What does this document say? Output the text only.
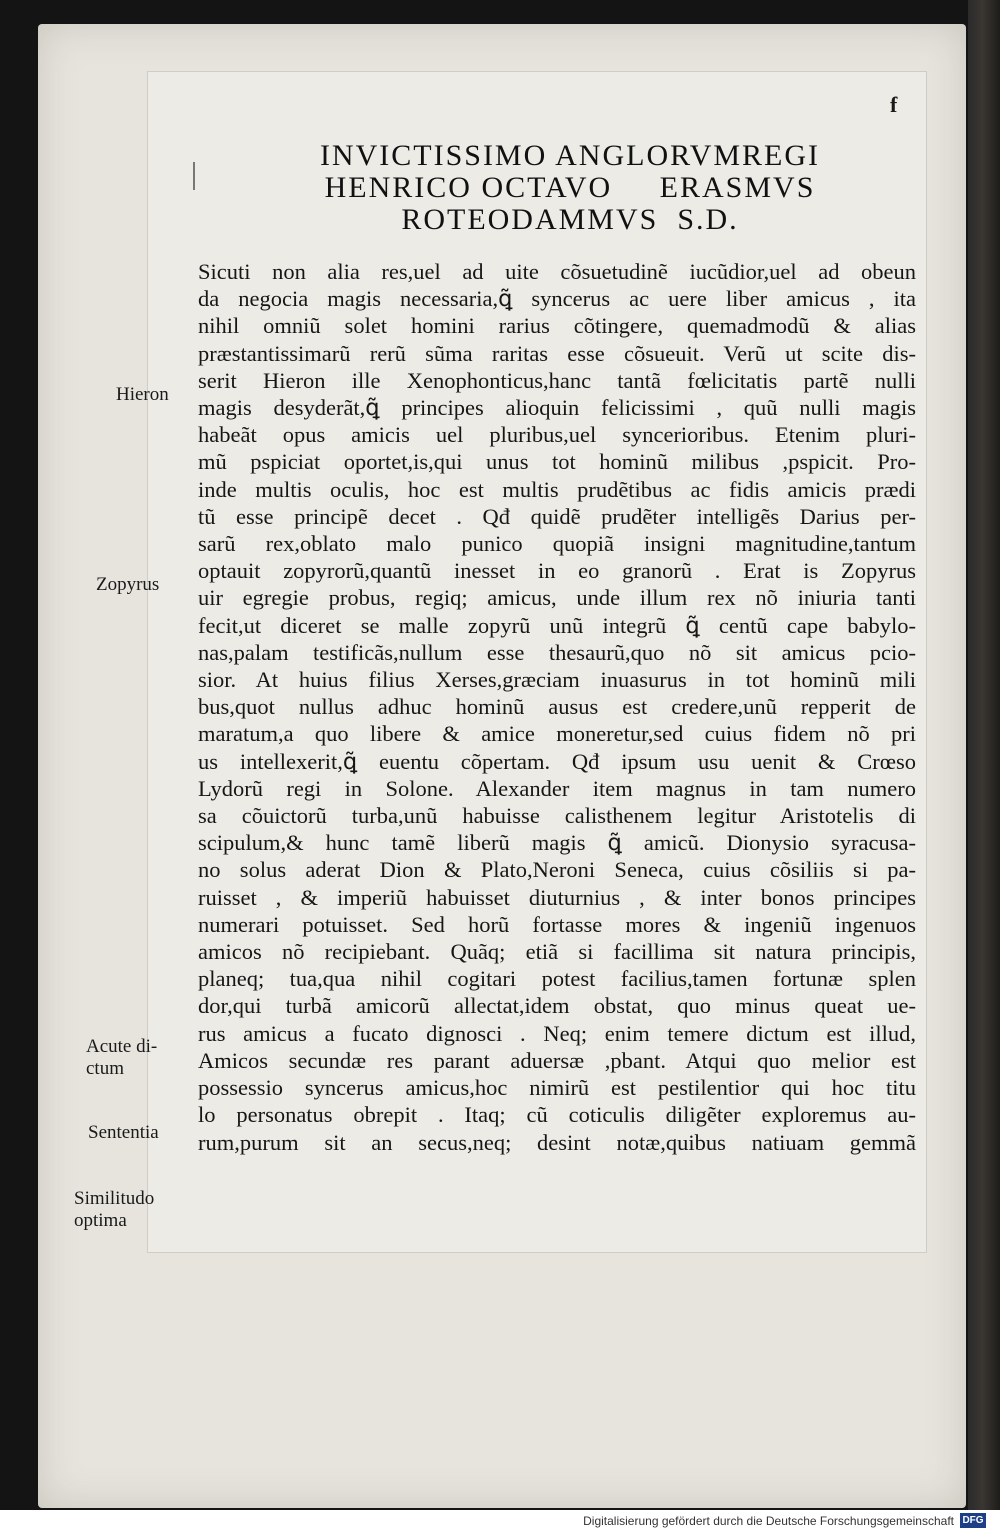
f
INVICTISSIMO ANGLORVMREGI
HENRICO OCTAVO     ERASMVS
ROTEODAMMVS  S.D.
Sicuti non alia res,uel ad uite cõsuetudinẽ iucũdior,uel ad obeun
da negocia magis necessaria,ꝗ̃ syncerus ac uere liber amicus , ita
nihil omniũ solet homini rarius cõtingere, quemadmodũ & alias
præstantissimarũ rerũ sũma raritas esse cõsueuit. Verũ ut scite dis-
serit Hieron ille Xenophonticus,hanc tantã fœlicitatis partẽ nulli
magis desyderãt,ꝗ̃ principes alioquin felicissimi , quũ nulli magis
habeãt opus amicis uel pluribus,uel syncerioribus. Etenim pluri-
mũ pspiciat oportet,is,qui unus tot hominũ milibus ,pspicit. Pro-
inde multis oculis, hoc est multis prudẽtibus ac fidis amicis prædi
tũ esse principẽ decet . Qđ quidẽ prudẽter intelligẽs Darius per-
sarũ rex,oblato malo punico quopiã insigni magnitudine,tantum
optauit zopyrorũ,quantũ inesset in eo granorũ . Erat is Zopyrus
uir egregie probus, regiq; amicus, unde illum rex nõ iniuria tanti
fecit,ut diceret se malle zopyrũ unũ integrũ ꝗ̃ centũ cape babylo-
nas,palam testificãs,nullum esse thesaurũ,quo nõ sit amicus pcio-
sior. At huius filius Xerses,græciam inuasurus in tot hominũ mili
bus,quot nullus adhuc hominũ ausus est credere,unũ repperit de
maratum,a quo libere & amice moneretur,sed cuius fidem nõ pri
us intellexerit,ꝗ̃ euentu cõpertam. Qđ ipsum usu uenit & Crœso
Lydorũ regi in Solone. Alexander item magnus in tam numero
sa cõuictorũ turba,unũ habuisse calisthenem legitur Aristotelis di
scipulum,& hunc tamẽ liberũ magis ꝗ̃ amicũ. Dionysio syracusa-
no solus aderat Dion & Plato,Neroni Seneca, cuius cõsiliis si pa-
ruisset , & imperiũ habuisset diuturnius , & inter bonos principes
numerari potuisset. Sed horũ fortasse mores & ingeniũ ingenuos
amicos nõ recipiebant. Quãq; etiã si facillima sit natura principis,
planeq; tua,qua nihil cogitari potest facilius,tamen fortunæ splen
dor,qui turbã amicorũ allectat,idem obstat, quo minus queat ue-
rus amicus a fucato dignosci . Neq; enim temere dictum est illud,
Amicos secundæ res parant aduersæ ,pbant. Atqui quo melior est
possessio syncerus amicus,hoc nimirũ est pestilentior qui hoc titu
lo personatus obrepit . Itaq; cũ coticulis diligẽter exploremus au-
rum,purum sit an secus,neq; desint notæ,quibus natiuam gemmã
Hieron
Zopyrus
Acute di-
ctum
Sententia
Similitudo
optima
Digitalisierung gefördert durch die Deutsche Forschungsgemeinschaft DFG
